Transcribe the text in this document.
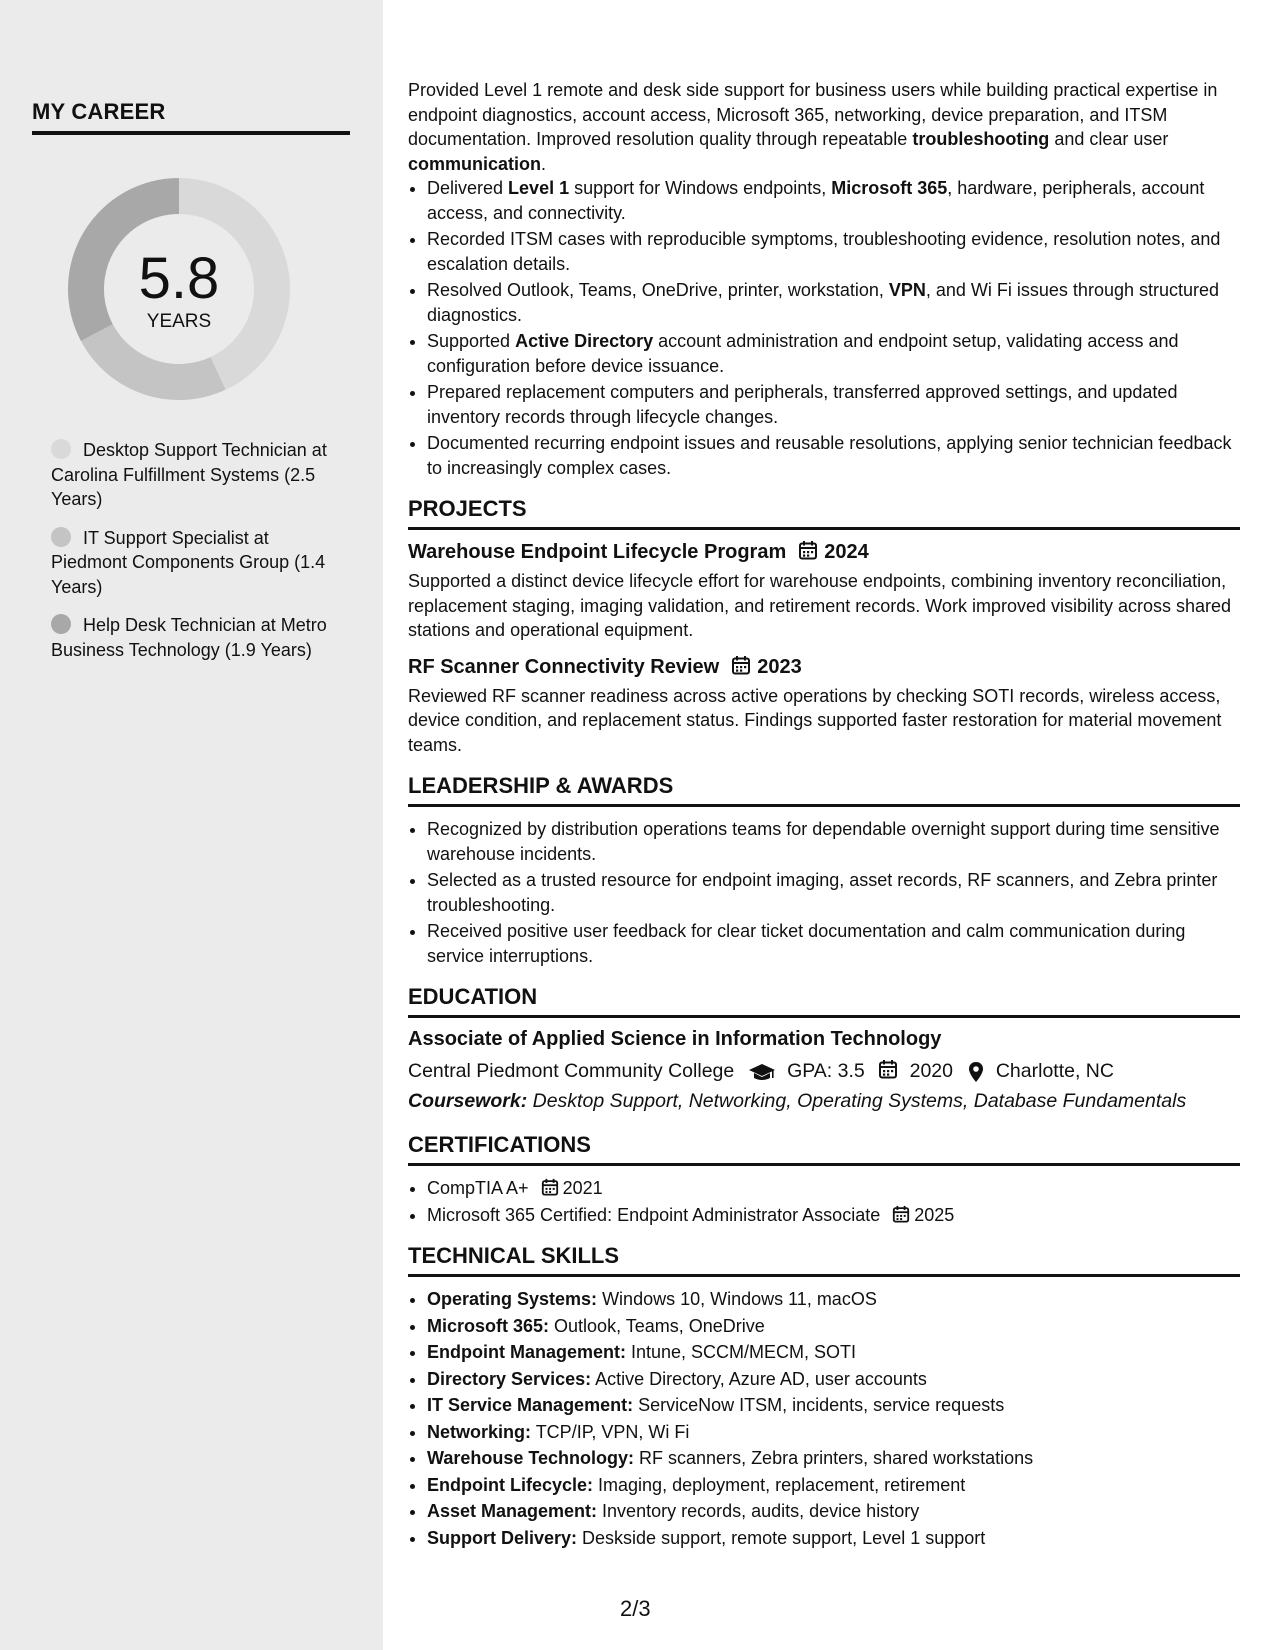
MY CAREER
5.8
YEARS
Desktop Support Technician at Carolina Fulfillment Systems (2.5 Years)
IT Support Specialist at Piedmont Components Group (1.4 Years)
Help Desk Technician at Metro Business Technology (1.9 Years)

Provided Level 1 remote and desk side support for business users while building practical expertise in endpoint diagnostics, account access, Microsoft 365, networking, device preparation, and ITSM documentation. Improved resolution quality through repeatable troubleshooting and clear user communication.

• Delivered Level 1 support for Windows endpoints, Microsoft 365, hardware, peripherals, account access, and connectivity.
• Recorded ITSM cases with reproducible symptoms, troubleshooting evidence, resolution notes, and escalation details.
• Resolved Outlook, Teams, OneDrive, printer, workstation, VPN, and Wi Fi issues through structured diagnostics.
• Supported Active Directory account administration and endpoint setup, validating access and configuration before device issuance.
• Prepared replacement computers and peripherals, transferred approved settings, and updated inventory records through lifecycle changes.
• Documented recurring endpoint issues and reusable resolutions, applying senior technician feedback to increasingly complex cases.
PROJECTS
Warehouse Endpoint Lifecycle Program 2024

Supported a distinct device lifecycle effort for warehouse endpoints, combining inventory reconciliation, replacement staging, imaging validation, and retirement records. Work improved visibility across shared stations and operational equipment.

RF Scanner Connectivity Review 2023

Reviewed RF scanner readiness across active operations by checking SOTI records, wireless access, device condition, and replacement status. Findings supported faster restoration for material movement teams.

LEADERSHIP & AWARDS
• Recognized by distribution operations teams for dependable overnight support during time sensitive warehouse incidents.
• Selected as a trusted resource for endpoint imaging, asset records, RF scanners, and Zebra printer troubleshooting.
• Received positive user feedback for clear ticket documentation and calm communication during service interruptions.
EDUCATION
Associate of Applied Science in Information Technology
Central Piedmont Community College	GPA: 3.5 2020 Charlotte, NC
Coursework: Desktop Support, Networking, Operating Systems, Database Fundamentals
CERTIFICATIONS
• CompTIA A+ 2021
• Microsoft 365 Certified: Endpoint Administrator Associate 2025
TECHNICAL SKILLS
• Operating Systems: Windows 10, Windows 11, macOS
• Microsoft 365: Outlook, Teams, OneDrive
• Endpoint Management: Intune, SCCM/MECM, SOTI
• Directory Services: Active Directory, Azure AD, user accounts
• IT Service Management: ServiceNow ITSM, incidents, service requests
• Networking: TCP/IP, VPN, Wi Fi
• Warehouse Technology: RF scanners, Zebra printers, shared workstations
• Endpoint Lifecycle: Imaging, deployment, replacement, retirement
• Asset Management: Inventory records, audits, device history
• Support Delivery: Deskside support, remote support, Level 1 support
2/3
